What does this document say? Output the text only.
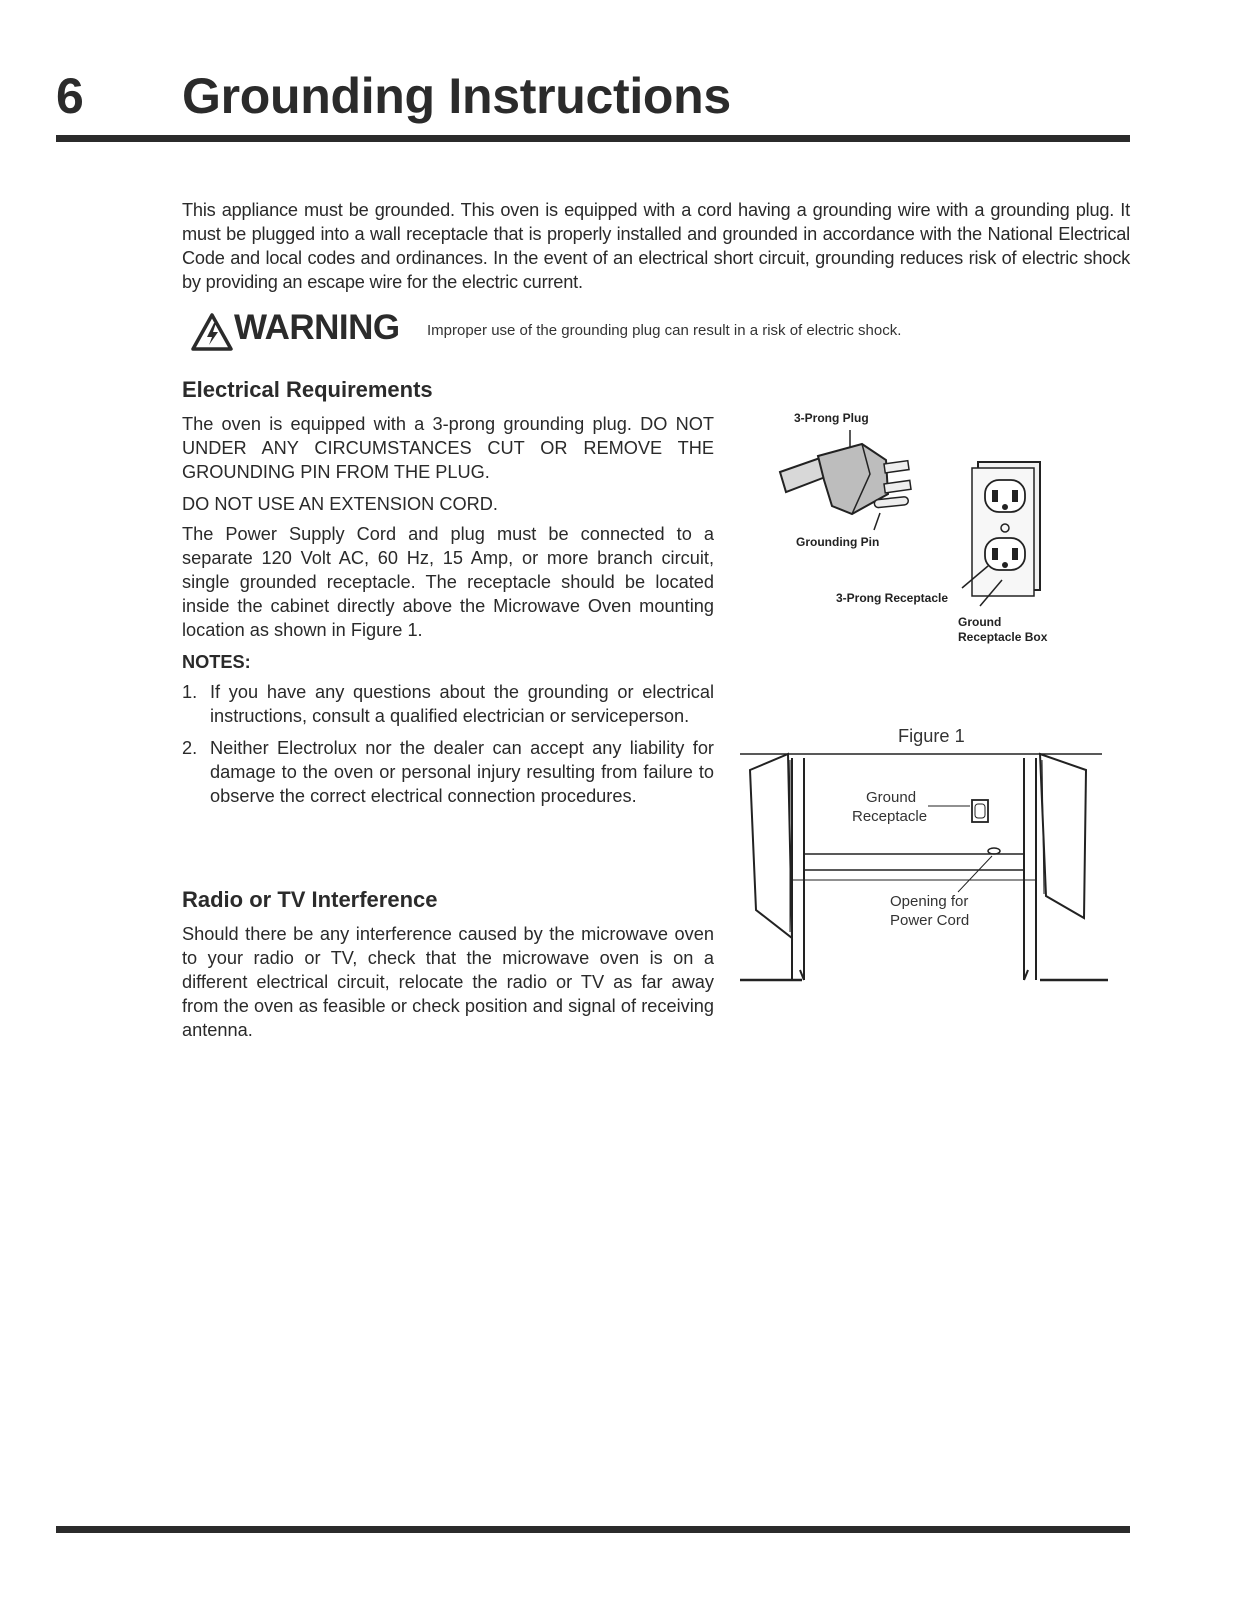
6 Grounding Instructions
This appliance must be grounded. This oven is equipped with a cord having a grounding wire with a grounding plug. It must be plugged into a wall receptacle that is properly installed and grounded in accordance with the National Electrical Code and local codes and ordinances. In the event of an electrical short circuit, grounding reduces risk of electric shock by providing an escape wire for the electric current.
WARNING Improper use of the grounding plug can result in a risk of electric shock.
Electrical Requirements

The oven is equipped with a 3-prong grounding plug. DO NOT UNDER ANY CIRCUMSTANCES CUT OR REMOVE THE GROUNDING PIN FROM THE PLUG.

DO NOT USE AN EXTENSION CORD.

The Power Supply Cord and plug must be connected to a separate 120 Volt AC, 60 Hz, 15 Amp, or more branch circuit, single grounded receptacle. The receptacle should be located inside the cabinet directly above the Microwave Oven mounting location as shown in Figure 1.

NOTES:
1. If you have any questions about the grounding or electrical instructions, consult a qualified electrician or serviceperson.
2. Neither Electrolux nor the dealer can accept any liability for damage to the oven or personal injury resulting from failure to observe the correct electrical connection procedures.
Radio or TV Interference

Should there be any interference caused by the microwave oven to your radio or TV, check that the microwave oven is on a different electrical circuit, relocate the radio or TV as far away from the oven as feasible or check position and signal of receiving antenna.

3-Prong Plug
Grounding Pin
3-Prong Receptacle
Ground
Receptacle Box
Ground
Receptacle
Opening for
Power Cord
Figure 1
